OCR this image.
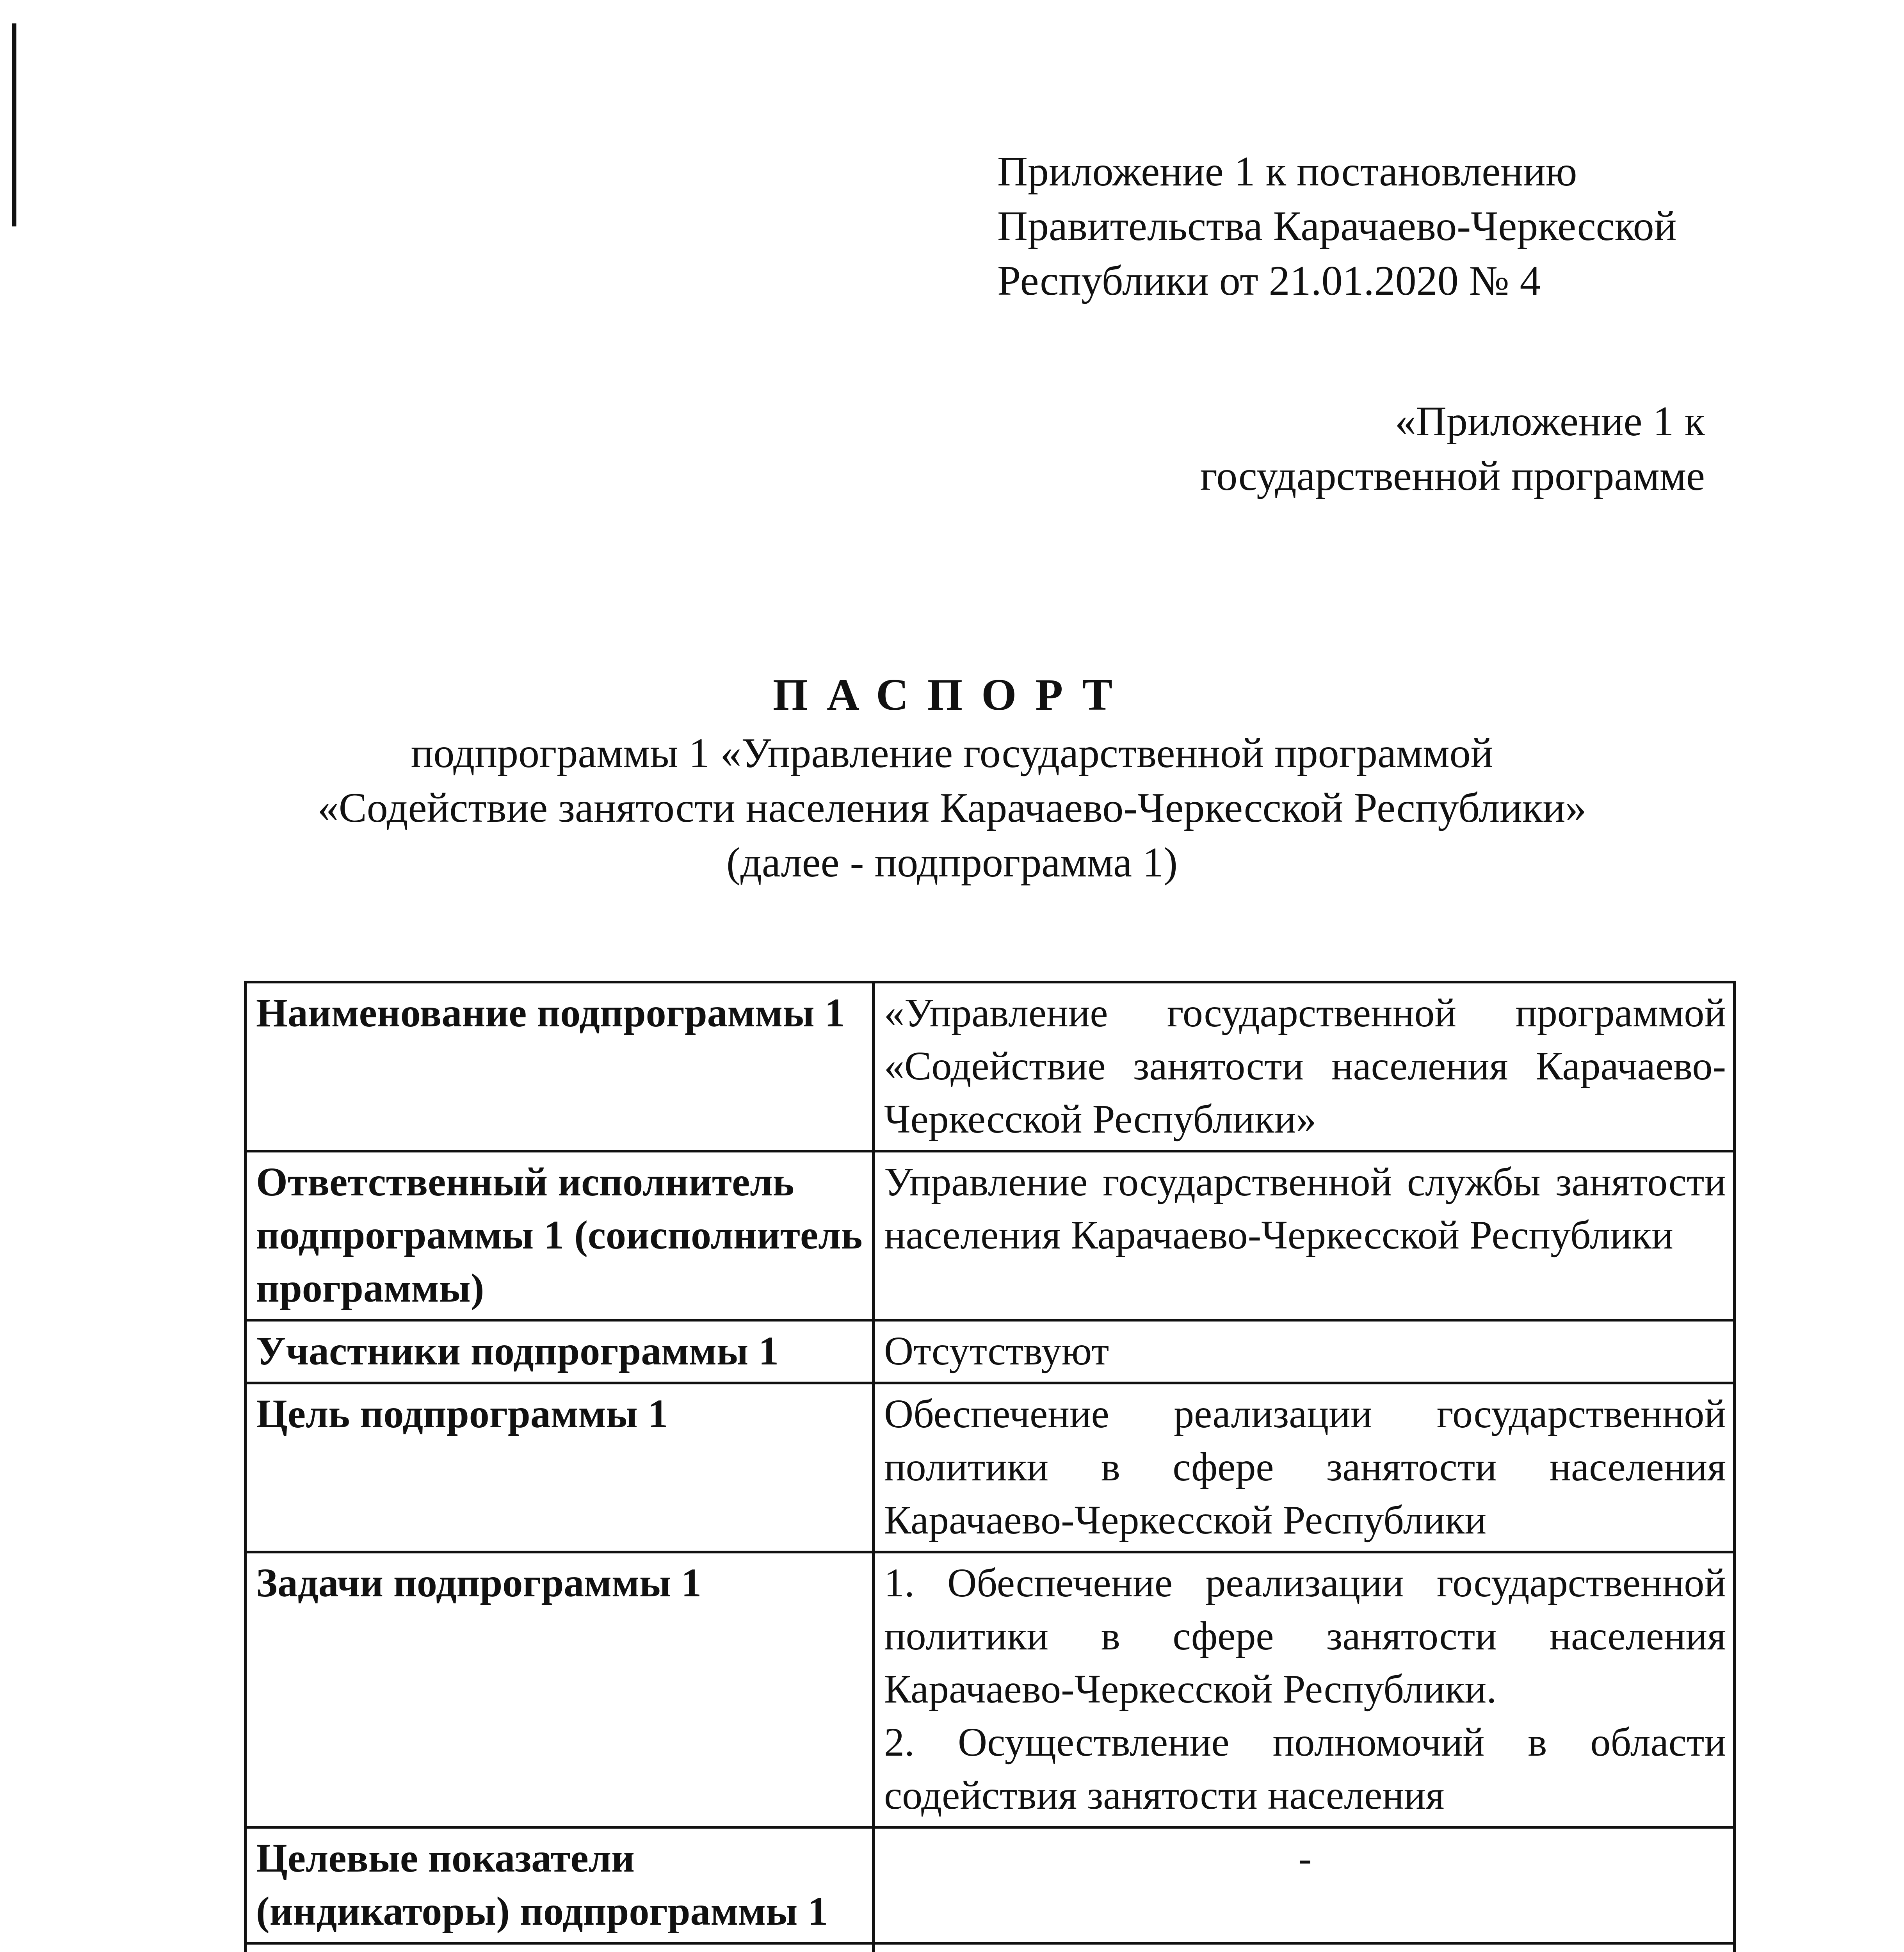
Приложение 1 к постановлению
Правительства Карачаево-Черкесской
Республики от 21.01.2020 № 4
«Приложение 1 к
государственной программе
ПАСПОРТ
подпрограммы 1 «Управление государственной программой
«Содействие занятости населения Карачаево-Черкесской Республики»
(далее - подпрограмма 1)
Наименование подпрограммы 1	«Управление государственной программой «Содействие занятости населения Карачаево-Черкесской Республики»
Ответственный исполнитель подпрограммы 1 (соисполнитель программы)	Управление государственной службы занятости населения Карачаево-Черкесской Республики
Участники подпрограммы 1	Отсутствуют
Цель подпрограммы 1	Обеспечение реализации государственной политики в сфере занятости населения Карачаево-Черкесской Республики
Задачи подпрограммы 1	1. Обеспечение реализации государственной политики в сфере занятости населения Карачаево-Черкесской Республики.
2. Осуществление полномочий в области содействия занятости населения

Целевые показатели (индикаторы) подпрограммы 1	-
